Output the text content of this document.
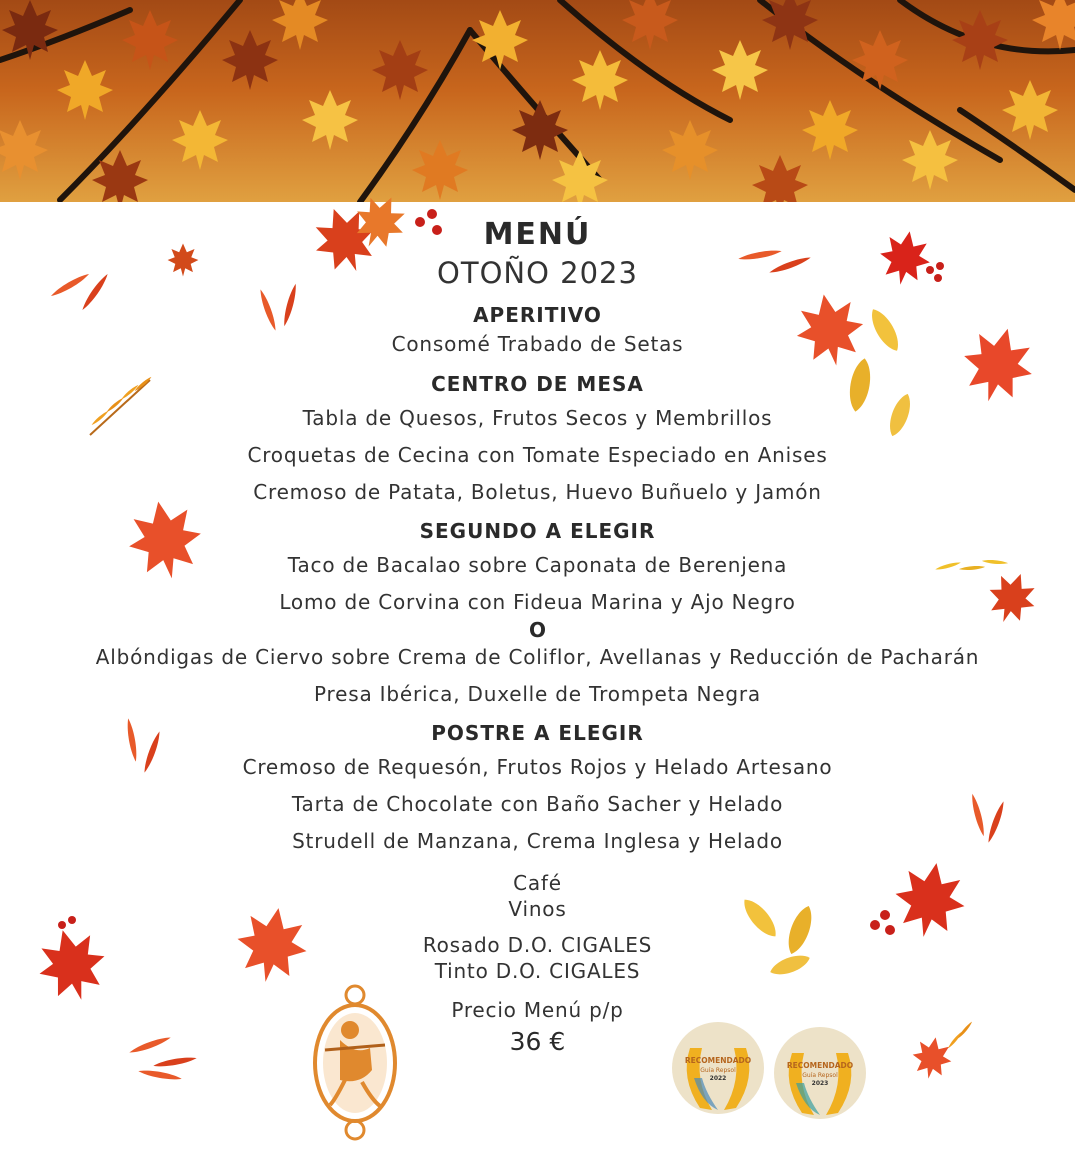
MENÚ
OTOÑO 2023
APERITIVO
Consomé Trabado de Setas
CENTRO DE MESA
Tabla de Quesos, Frutos Secos y Membrillos
Croquetas de Cecina con Tomate Especiado en Anises
Cremoso de Patata, Boletus, Huevo Buñuelo y Jamón
SEGUNDO A ELEGIR
Taco de Bacalao sobre Caponata de Berenjena
Lomo de Corvina con Fideua Marina y Ajo Negro
O
Albóndigas de Ciervo sobre Crema de Coliflor, Avellanas y Reducción de Pacharán
Presa Ibérica, Duxelle de Trompeta Negra
POSTRE A ELEGIR
Cremoso de Requesón, Frutos Rojos y Helado Artesano
Tarta de Chocolate con Baño Sacher y Helado
Strudell de Manzana, Crema Inglesa y Helado
Café
Vinos
Rosado D.O. CIGALES
Tinto D.O. CIGALES
Precio Menú p/p
36 €
RECOMENDADO
Guía Repsol
2022
RECOMENDADO
Guía Repsol
2023
